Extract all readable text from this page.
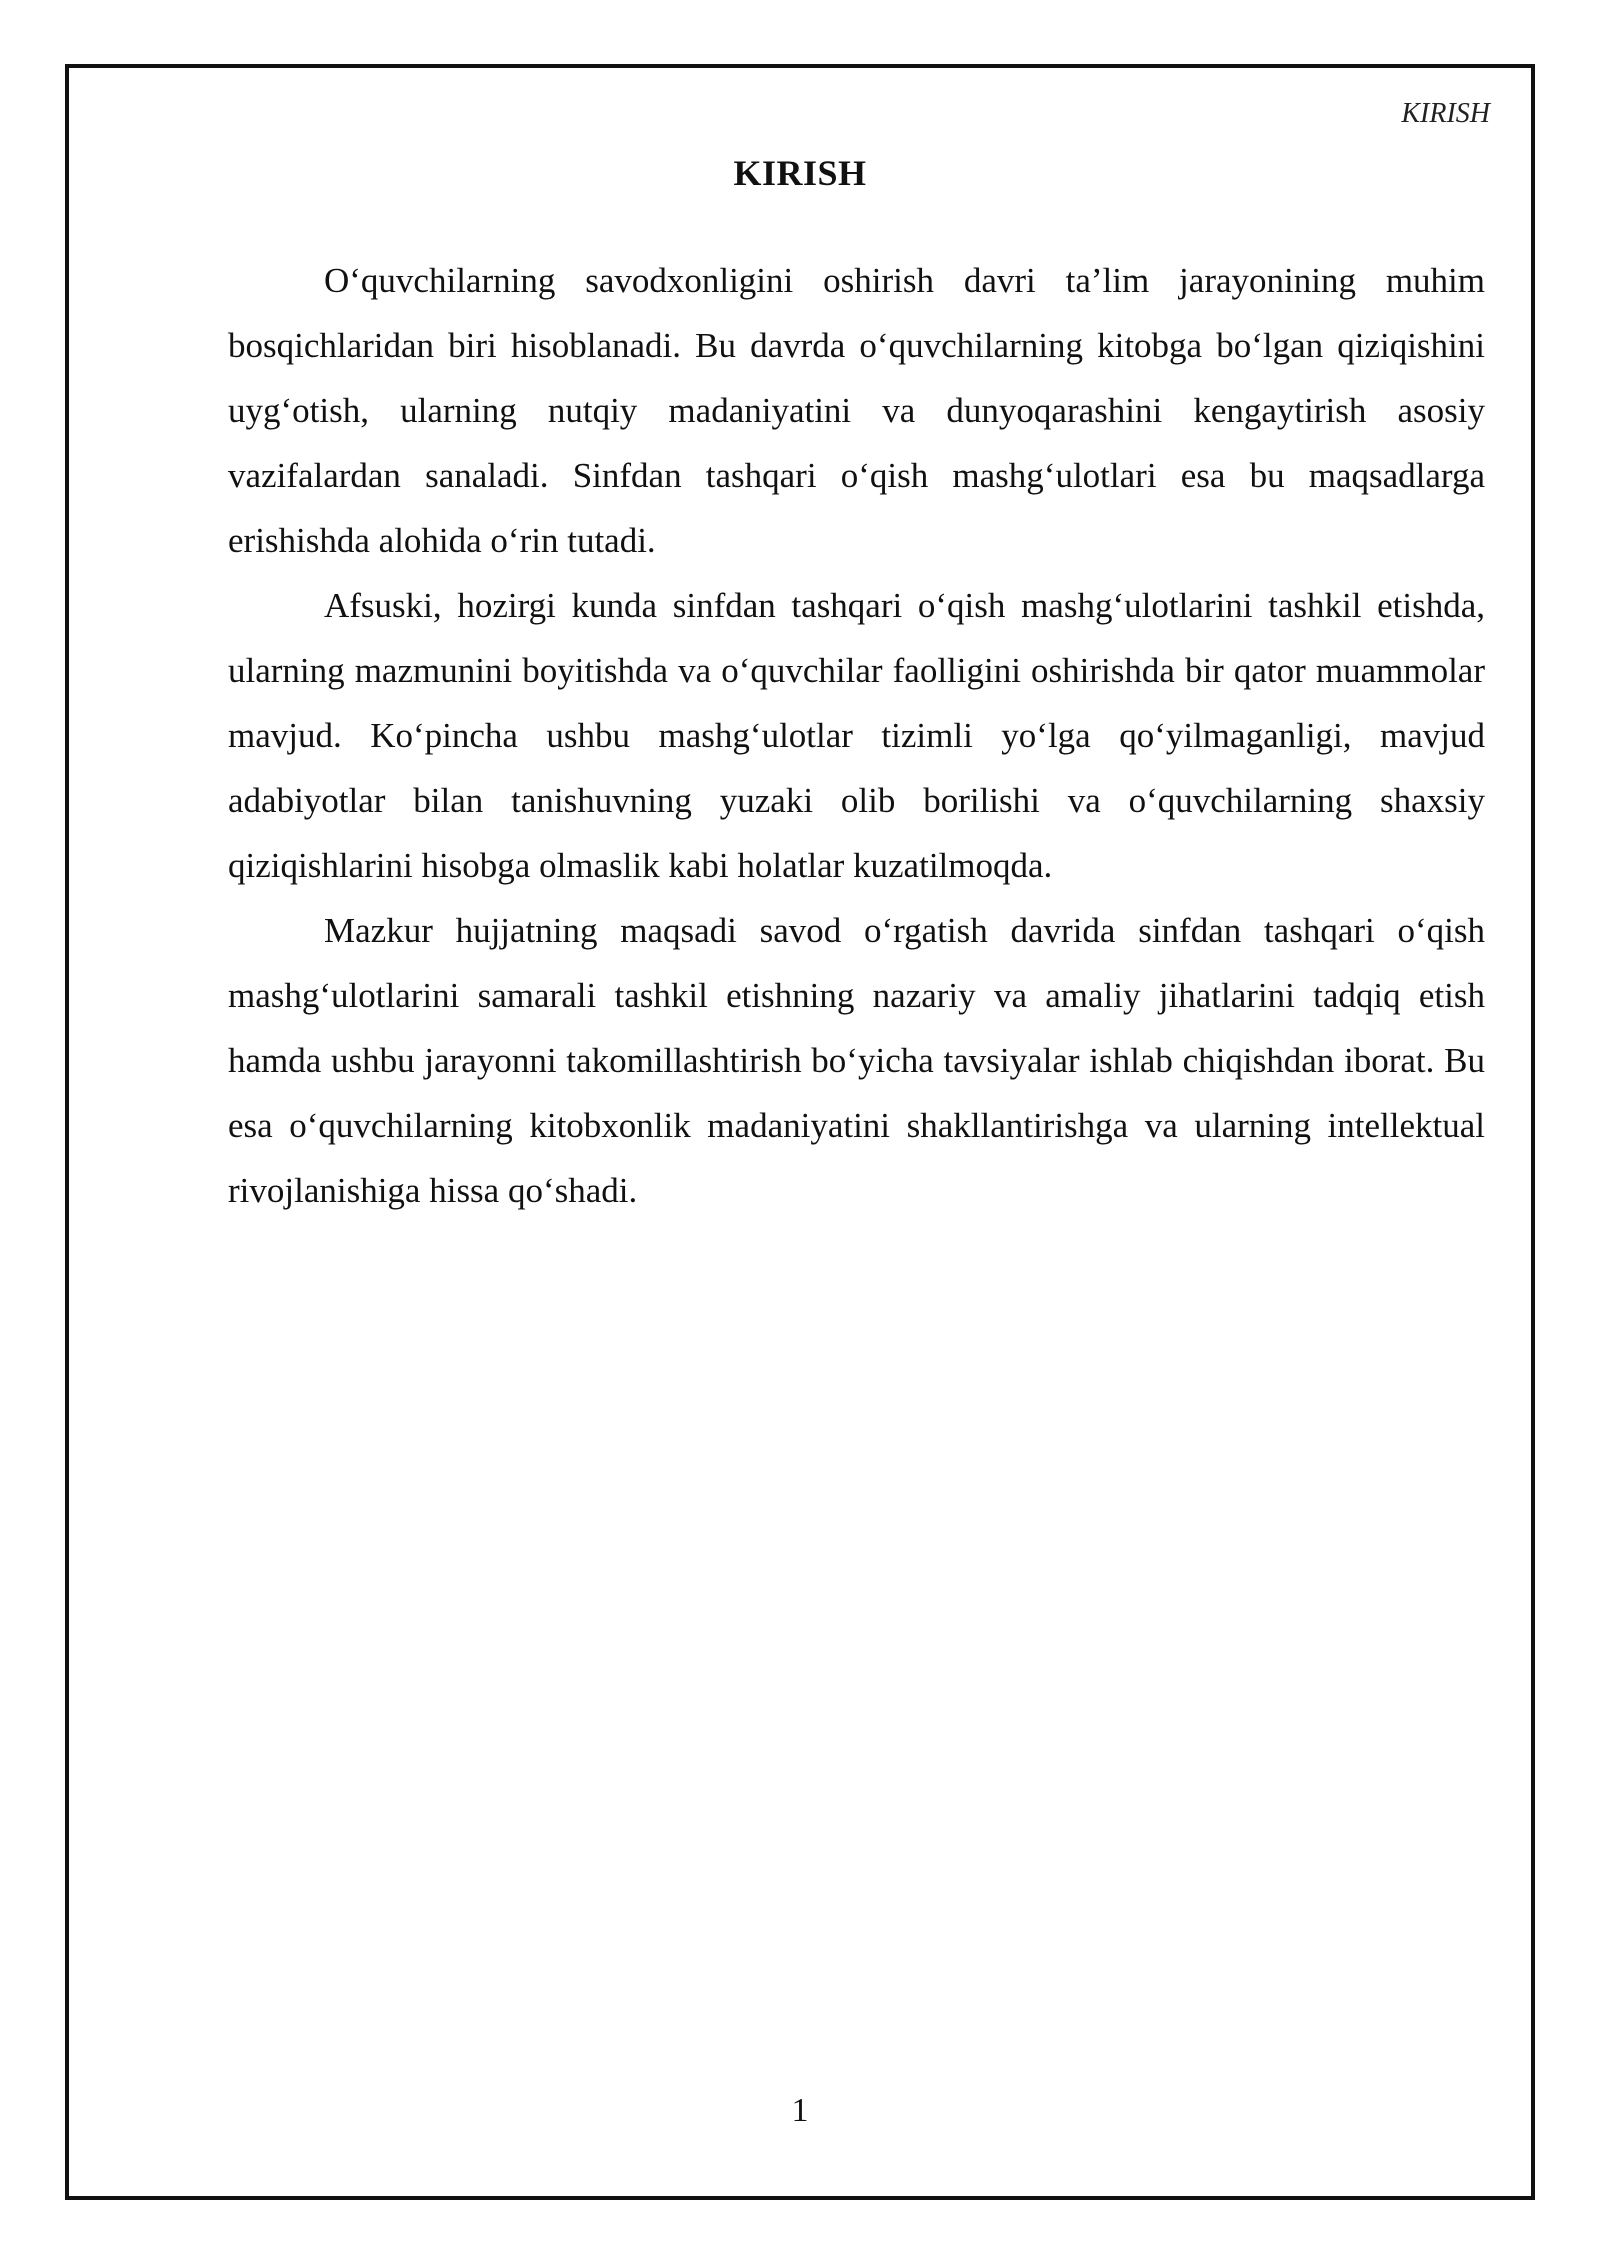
KIRISH
KIRISH

O‘quvchilarning savodxonligini oshirish davri ta’lim jarayonining muhim bosqichlaridan biri hisoblanadi. Bu davrda o‘quvchilarning kitobga bo‘lgan qiziqishini uyg‘otish, ularning nutqiy madaniyatini va dunyoqarashini kengaytirish asosiy vazifalardan sanaladi. Sinfdan tashqari o‘qish mashg‘ulotlari esa bu maqsadlarga erishishda alohida o‘rin tutadi.

Afsuski, hozirgi kunda sinfdan tashqari o‘qish mashg‘ulotlarini tashkil etishda, ularning mazmunini boyitishda va o‘quvchilar faolligini oshirishda bir qator muammolar mavjud. Ko‘pincha ushbu mashg‘ulotlar tizimli yo‘lga qo‘yilmaganligi, mavjud adabiyotlar bilan tanishuvning yuzaki olib borilishi va o‘quvchilarning shaxsiy qiziqishlarini hisobga olmaslik kabi holatlar kuzatilmoqda.

Mazkur hujjatning maqsadi savod o‘rgatish davrida sinfdan tashqari o‘qish mashg‘ulotlarini samarali tashkil etishning nazariy va amaliy jihatlarini tadqiq etish hamda ushbu jarayonni takomillashtirish bo‘yicha tavsiyalar ishlab chiqishdan iborat. Bu esa o‘quvchilarning kitobxonlik madaniyatini shakllantirishga va ularning intellektual rivojlanishiga hissa qo‘shadi.

1
